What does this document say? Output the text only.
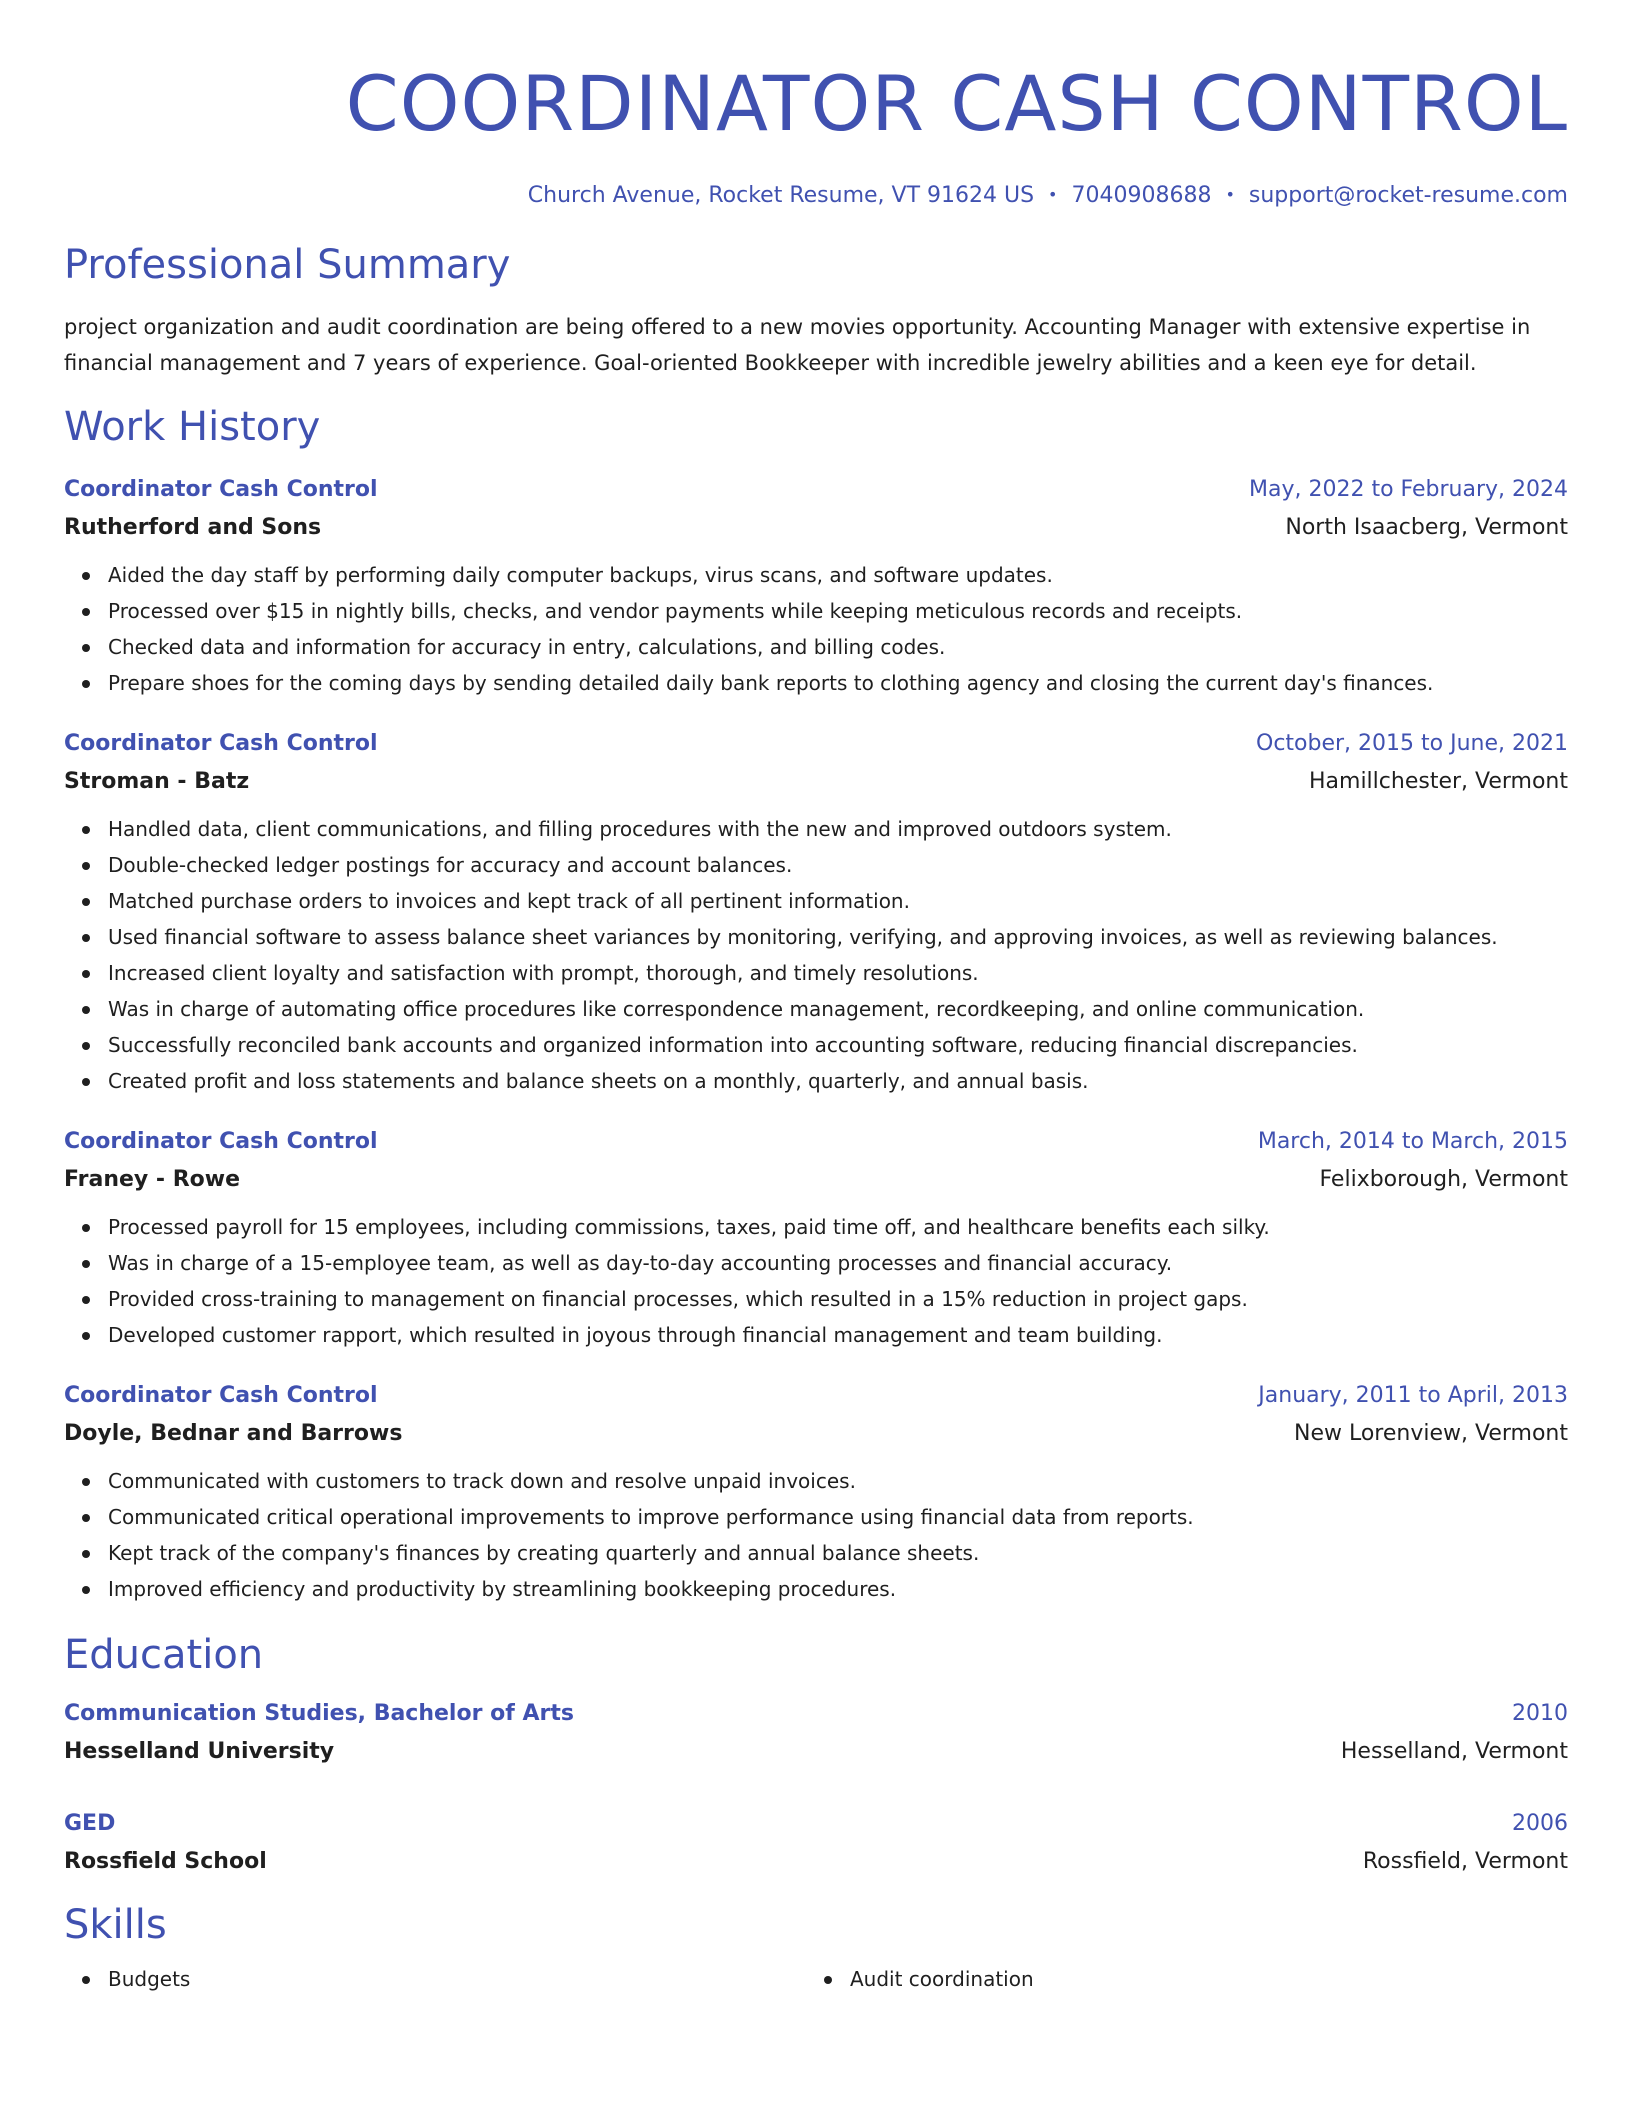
COORDINATOR CASH CONTROL
Church Avenue, Rocket Resume, VT 91624 US • 7040908688 • support@rocket-resume.com
Professional Summary
project organization and audit coordination are being offered to a new movies opportunity. Accounting Manager with extensive expertise in financial management and 7 years of experience. Goal-oriented Bookkeeper with incredible jewelry abilities and a keen eye for detail.
Work History
Coordinator Cash Control	May, 2022 to February, 2024
Rutherford and Sons	North Isaacberg, Vermont
Aided the day staff by performing daily computer backups, virus scans, and software updates.
Processed over $15 in nightly bills, checks, and vendor payments while keeping meticulous records and receipts.
Checked data and information for accuracy in entry, calculations, and billing codes.
Prepare shoes for the coming days by sending detailed daily bank reports to clothing agency and closing the current day's finances.
Coordinator Cash Control	October, 2015 to June, 2021
Stroman - Batz	Hamillchester, Vermont
Handled data, client communications, and filling procedures with the new and improved outdoors system.
Double-checked ledger postings for accuracy and account balances.
Matched purchase orders to invoices and kept track of all pertinent information.
Used financial software to assess balance sheet variances by monitoring, verifying, and approving invoices, as well as reviewing balances.
Increased client loyalty and satisfaction with prompt, thorough, and timely resolutions.
Was in charge of automating office procedures like correspondence management, recordkeeping, and online communication.
Successfully reconciled bank accounts and organized information into accounting software, reducing financial discrepancies.
Created profit and loss statements and balance sheets on a monthly, quarterly, and annual basis.
Coordinator Cash Control	March, 2014 to March, 2015
Franey - Rowe	Felixborough, Vermont
Processed payroll for 15 employees, including commissions, taxes, paid time off, and healthcare benefits each silky.
Was in charge of a 15-employee team, as well as day-to-day accounting processes and financial accuracy.
Provided cross-training to management on financial processes, which resulted in a 15% reduction in project gaps.
Developed customer rapport, which resulted in joyous through financial management and team building.
Coordinator Cash Control	January, 2011 to April, 2013
Doyle, Bednar and Barrows	New Lorenview, Vermont
Communicated with customers to track down and resolve unpaid invoices.
Communicated critical operational improvements to improve performance using financial data from reports.
Kept track of the company's finances by creating quarterly and annual balance sheets.
Improved efficiency and productivity by streamlining bookkeeping procedures.
Education
Communication Studies, Bachelor of Arts	2010
Hesselland University	Hesselland, Vermont
GED	2006
Rossfield School	Rossfield, Vermont
Skills
Budgets	Audit coordination
